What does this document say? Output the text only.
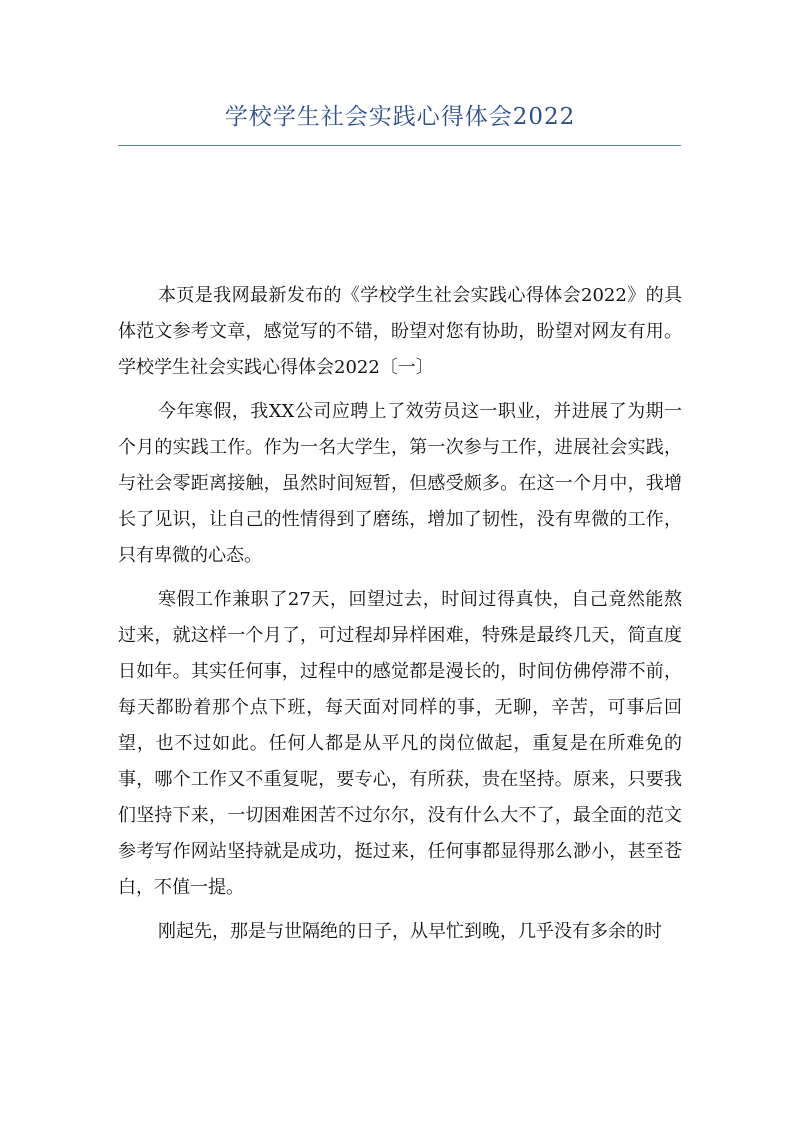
学校学生社会实践心得体会2022

本页是我网最新发布的《学校学生社会实践心得体会2022》的具体范文参考文章，感觉写的不错，盼望对您有协助，盼望对网友有用。学校学生社会实践心得体会2022〔一〕

今年寒假，我XX公司应聘上了效劳员这一职业，并进展了为期一个月的实践工作。作为一名大学生，第一次参与工作，进展社会实践，与社会零距离接触，虽然时间短暂，但感受颇多。在这一个月中，我增长了见识，让自己的性情得到了磨练，增加了韧性，没有卑微的工作，只有卑微的心态。

寒假工作兼职了27天，回望过去，时间过得真快，自己竟然能熬过来，就这样一个月了，可过程却异样困难，特殊是最终几天，简直度日如年。其实任何事，过程中的感觉都是漫长的，时间仿佛停滞不前，每天都盼着那个点下班，每天面对同样的事，无聊，辛苦，可事后回望，也不过如此。任何人都是从平凡的岗位做起，重复是在所难免的事，哪个工作又不重复呢，要专心，有所获，贵在坚持。原来，只要我们坚持下来，一切困难困苦不过尔尔，没有什么大不了，最全面的范文参考写作网站坚持就是成功，挺过来，任何事都显得那么渺小，甚至苍白，不值一提。

刚起先，那是与世隔绝的日子，从早忙到晚，几乎没有多余的时
